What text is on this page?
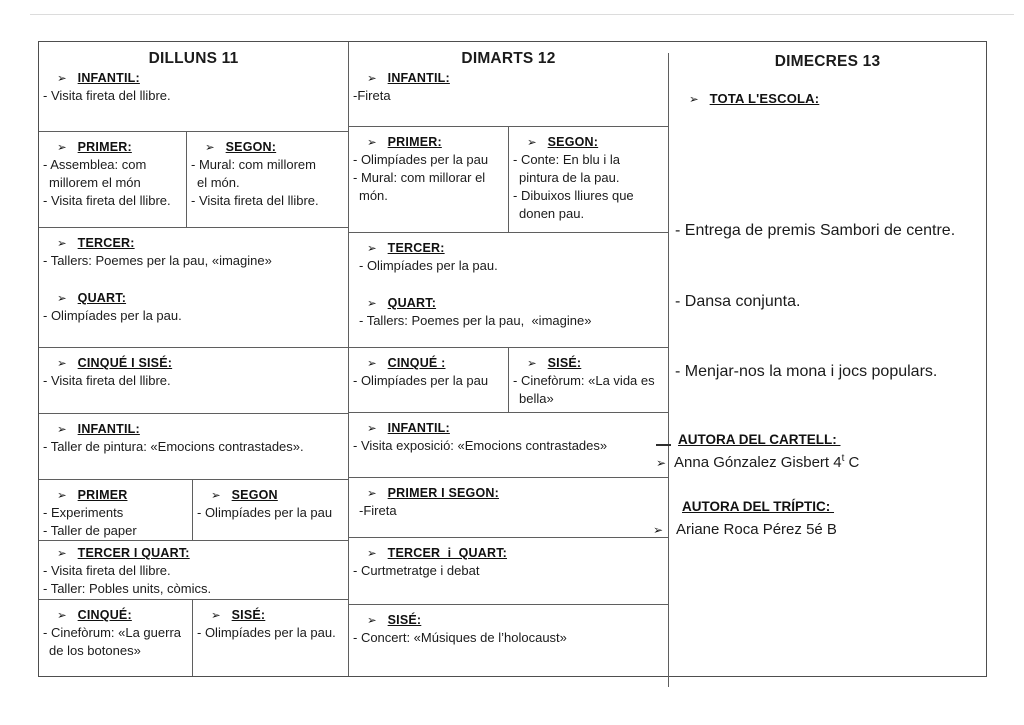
DILLUNS 11
➢ INFANTIL:
- Visita fireta del llibre.
➢ PRIMER:
- Assemblea: com
millorem el món
- Visita fireta del llibre.
➢ SEGON:
- Mural: com millorem
el món.
- Visita fireta del llibre.
➢ TERCER:
- Tallers: Poemes per la pau, «imagine»
➢ QUART:
- Olimpíades per la pau.
➢ CINQUÉ I SISÉ:
- Visita fireta del llibre.
➢ INFANTIL:
- Taller de pintura: «Emocions contrastades».
➢ PRIMER
- Experiments
- Taller de paper
➢ SEGON
- Olimpíades per la pau
➢ TERCER I QUART:
- Visita fireta del llibre.
- Taller: Pobles units, còmics.
➢ CINQUÉ:
- Cinefòrum: «La guerra
de los botones»
➢ SISÉ:
- Olimpíades per la pau.
DIMARTS 12
➢ INFANTIL:
-Fireta
➢ PRIMER:
- Olimpíades per la pau
- Mural: com millorar el
món.
➢ SEGON:
- Conte: En blu i la
pintura de la pau.
- Dibuixos lliures que
donen pau.
➢ TERCER:
- Olimpíades per la pau.
➢ QUART:
- Tallers: Poemes per la pau,  «imagine»
➢ CINQUÉ :
- Olimpíades per la pau
➢ SISÉ:
- Cinefòrum: «La vida es
bella»
➢ INFANTIL:
- Visita exposició: «Emocions contrastades»
➢ PRIMER I SEGON:
-Fireta
➢ TERCER  i  QUART:
- Curtmetratge i debat
➢ SISÉ:
- Concert: «Músiques de l’holocaust»
DIMECRES 13
➢ TOTA L'ESCOLA:

- Entrega de premis Sambori de centre.

- Dansa conjunta.

- Menjar-nos la mona i jocs populars.

AUTORA DEL CARTELL:
➢ Anna Gónzalez Gisbert 4$^t$ C
AUTORA DEL TRÍPTIC:
➢ Ariane Roca Pérez 5é B
